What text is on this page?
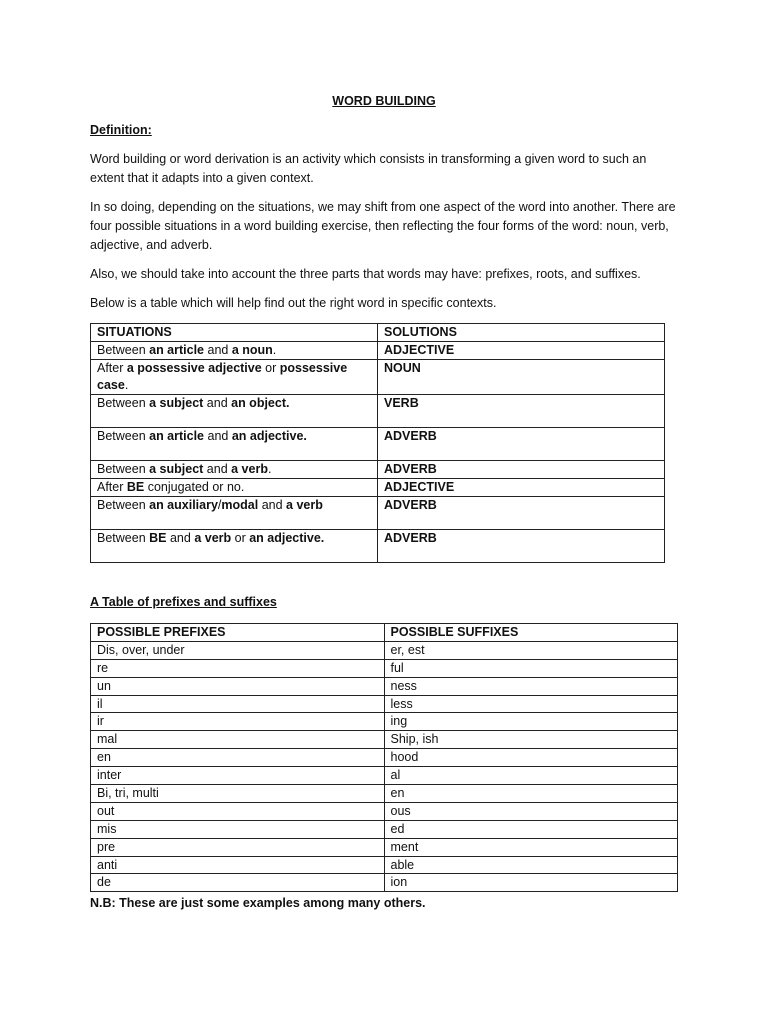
WORD BUILDING
Definition:

Word building or word derivation is an activity which consists in transforming a given word to such an extent that it adapts into a given context.

In so doing, depending on the situations, we may shift from one aspect of the word into another. There are four possible situations in a word building exercise, then reflecting the four forms of the word: noun, verb, adjective, and adverb.

Also, we should take into account the three parts that words may have: prefixes, roots, and suffixes.

Below is a table which will help find out the right word in specific contexts.

SITUATIONS	SOLUTIONS
Between an article and a noun.	ADJECTIVE
After a possessive adjective or possessive case.	NOUN
Between a subject and an object.	VERB
Between an article and an adjective.	ADVERB
Between a subject and a verb.	ADVERB
After BE conjugated or no.	ADJECTIVE
Between an auxiliary/modal and a verb	ADVERB
Between BE and a verb or an adjective.	ADVERB
A Table of prefixes and suffixes
POSSIBLE PREFIXES	POSSIBLE SUFFIXES
Dis, over, under	er, est
re	ful
un	ness
il	less
ir	ing
mal	Ship, ish
en	hood
inter	al
Bi, tri, multi	en
out	ous
mis	ed
pre	ment
anti	able
de	ion
N.B: These are just some examples among many others.
